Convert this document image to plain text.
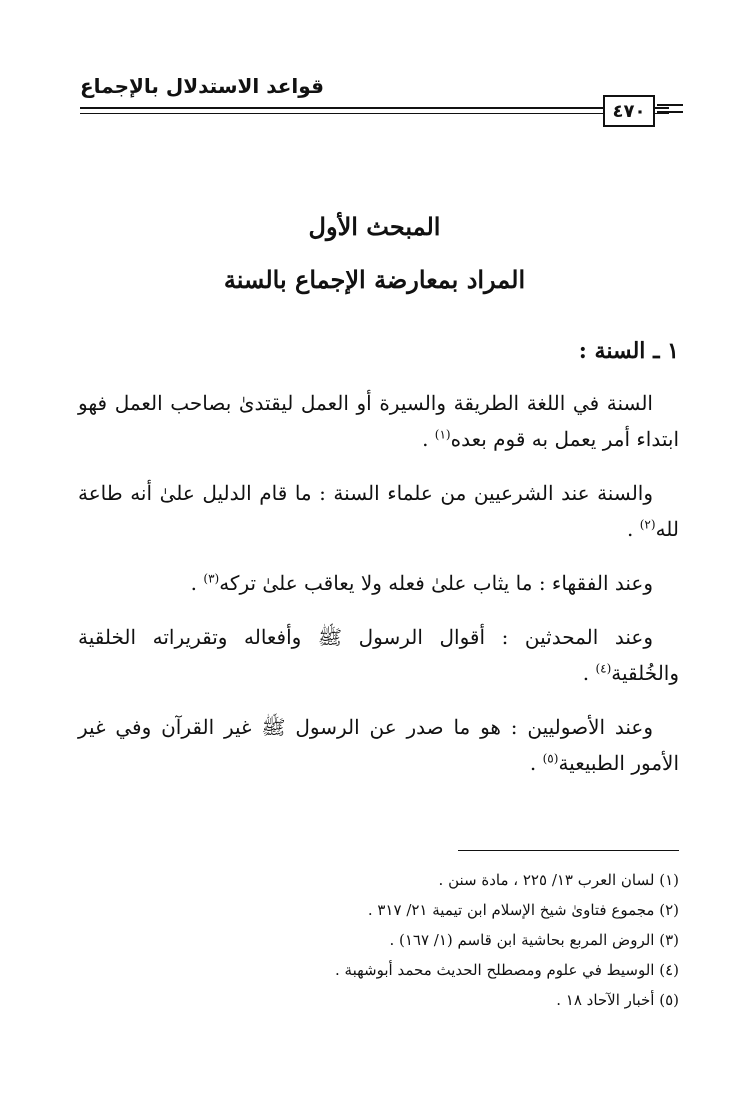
قواعد الاستدلال بالإجماع
٤٧٠
المبحث الأول
المراد بمعارضة الإجماع بالسنة
١ ـ السنة :

السنة في اللغة الطريقة والسيرة أو العمل ليقتدىٰ بصاحب العمل فهو ابتداء أمر يعمل به قوم بعده$^{(١)}$ .

والسنة عند الشرعيين من علماء السنة : ما قام الدليل علىٰ أنه طاعة لله$^{(٢)}$ .

وعند الفقهاء : ما يثاب علىٰ فعله ولا يعاقب علىٰ تركه$^{(٣)}$ .

وعند المحدثين : أقوال الرسول ﷺ وأفعاله وتقريراته الخلقية والخُلقية$^{(٤)}$ .

وعند الأصوليين : هو ما صدر عن الرسول ﷺ غير القرآن وفي غير الأمور الطبيعية$^{(٥)}$ .

(١) لسان العرب ١٣/ ٢٢٥ ، مادة سنن .

(٢) مجموع فتاوىٰ شيخ الإسلام ابن تيمية ٢١/ ٣١٧ .

(٣) الروض المربع بحاشية ابن قاسم (١/ ١٦٧) .

(٤) الوسيط في علوم ومصطلح الحديث محمد أبوشهبة .

(٥) أخبار الآحاد ١٨ .
